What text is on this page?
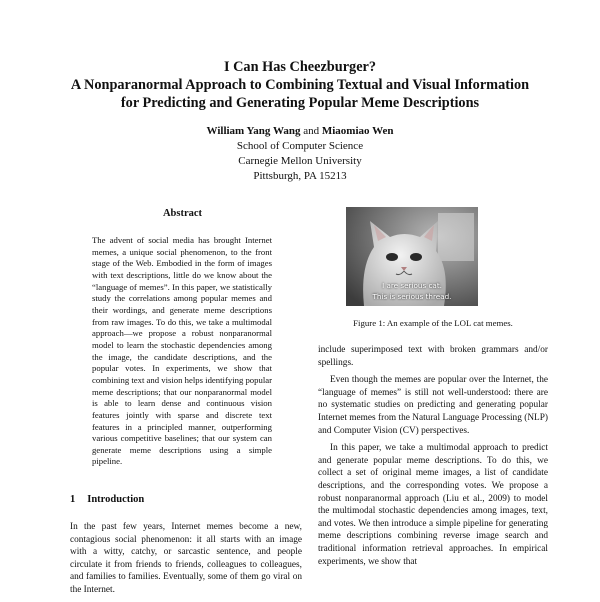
I Can Has Cheezburger?
A Nonparanormal Approach to Combining Textual and Visual Information
for Predicting and Generating Popular Meme Descriptions
William Yang Wang and Miaomiao Wen
School of Computer Science
Carnegie Mellon University
Pittsburgh, PA 15213
Abstract
The advent of social media has brought Internet memes, a unique social phenomenon, to the front stage of the Web. Embodied in the form of images with text descriptions, little do we know about the “language of memes”. In this paper, we statistically study the correlations among popular memes and their wordings, and generate meme descriptions from raw images. To do this, we take a multimodal approach—we propose a robust nonparanormal model to learn the stochastic dependencies among the image, the candidate descriptions, and the popular votes. In experiments, we show that combining text and vision helps identifying popular meme descriptions; that our nonparanormal model is able to learn dense and continuous vision features jointly with sparse and discrete text features in a principled manner, outperforming various competitive baselines; that our system can generate meme descriptions using a simple pipeline.
1 Introduction

In the past few years, Internet memes become a new, contagious social phenomenon: it all starts with an image with a witty, catchy, or sarcastic sentence, and people circulate it from friends to friends, colleagues to colleagues, and families to families. Eventually, some of them go viral on the Internet.

I are serious cat.
This is serious thread.
Figure 1: An example of the LOL cat memes.

include superimposed text with broken grammars and/or spellings.

Even though the memes are popular over the Internet, the “language of memes” is still not well-understood: there are no systematic studies on predicting and generating popular Internet memes from the Natural Language Processing (NLP) and Computer Vision (CV) perspectives.

In this paper, we take a multimodal approach to predict and generate popular meme descriptions. To do this, we collect a set of original meme images, a list of candidate descriptions, and the corresponding votes. We propose a robust nonparanormal approach (Liu et al., 2009) to model the multimodal stochastic dependencies among images, text, and votes. We then introduce a simple pipeline for generating meme descriptions combining reverse image search and traditional information retrieval approaches. In empirical experiments, we show that
